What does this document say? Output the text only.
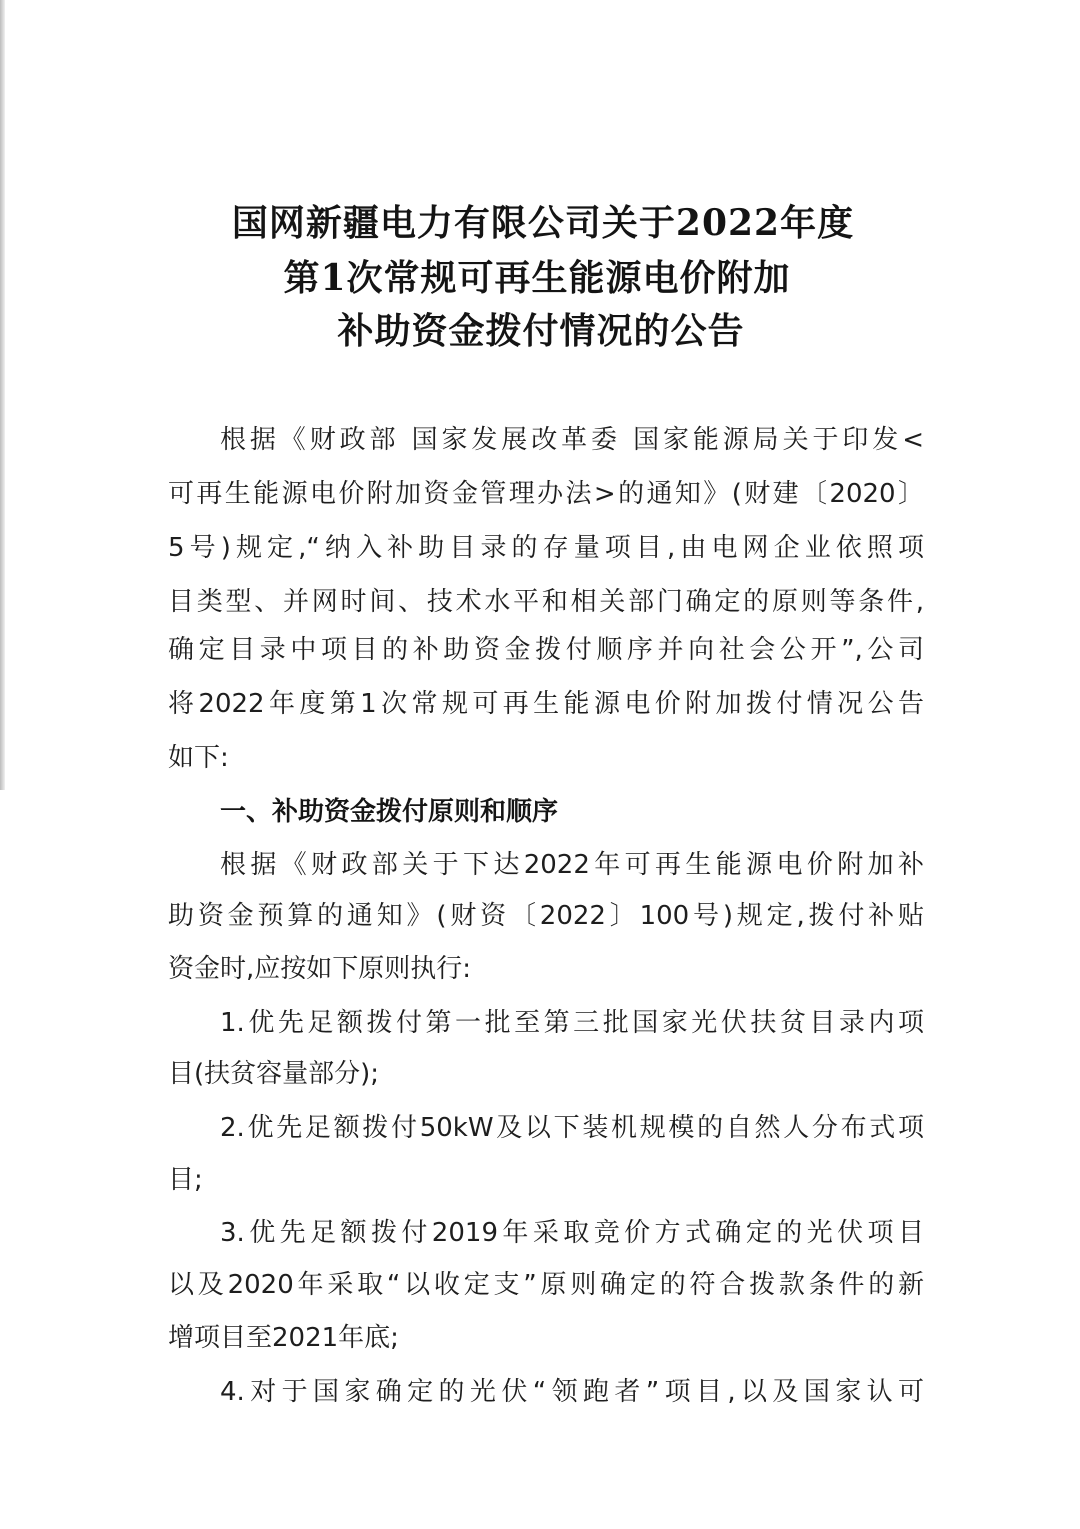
国网新疆电力有限公司关于2022年度
第1次常规可再生能源电价附加
补助资金拨付情况的公告
根据《财政部 国家发展改革委 国家能源局关于印发<
可再生能源电价附加资金管理办法>的通知》(财建〔2020〕
5号)规定,“纳入补助目录的存量项目,由电网企业依照项
目类型、并网时间、技术水平和相关部门确定的原则等条件,
确定目录中项目的补助资金拨付顺序并向社会公开”,公司
将2022年度第1次常规可再生能源电价附加拨付情况公告
如下:
一、补助资金拨付原则和顺序
根据《财政部关于下达2022年可再生能源电价附加补
助资金预算的通知》(财资〔2022〕100号)规定,拨付补贴
资金时,应按如下原则执行:
1.优先足额拨付第一批至第三批国家光伏扶贫目录内项
目(扶贫容量部分);
2.优先足额拨付50kW及以下装机规模的自然人分布式项
目;
3.优先足额拨付2019年采取竞价方式确定的光伏项目
以及2020年采取“以收定支”原则确定的符合拨款条件的新
增项目至2021年底;
4.对于国家确定的光伏“领跑者”项目,以及国家认可
